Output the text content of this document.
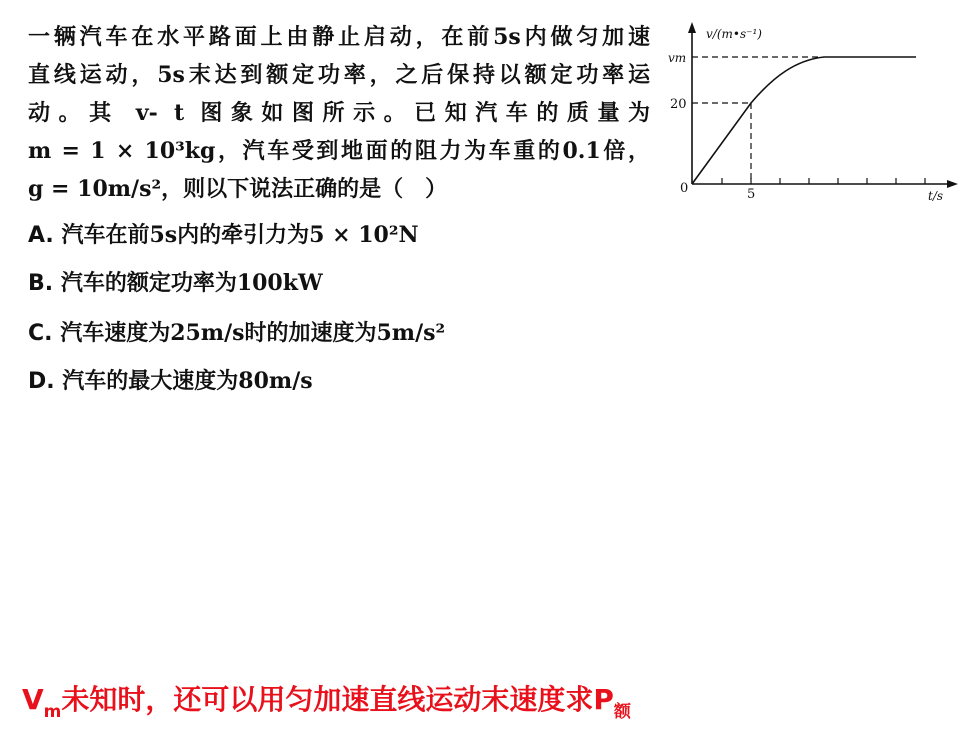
一辆汽车在水平路面上由静止启动，在前5s内做匀加速
直线运动，5s末达到额定功率，之后保持以额定功率运
动。其 v- t 图象如图所示。已知汽车的质量为
m = 1 × 10³kg，汽车受到地面的阻力为车重的0.1倍，
g = 10m/s²，则以下说法正确的是（　）
A. 汽车在前5s内的牵引力为5 × 10²N
B. 汽车的额定功率为100kW
C. 汽车速度为25m/s时的加速度为5m/s²
D. 汽车的最大速度为80m/s
v/(m•s⁻¹)
vm
20
0	5	t/s
$V_m$未知时，还可以用匀加速直线运动末速度求$P_额$
